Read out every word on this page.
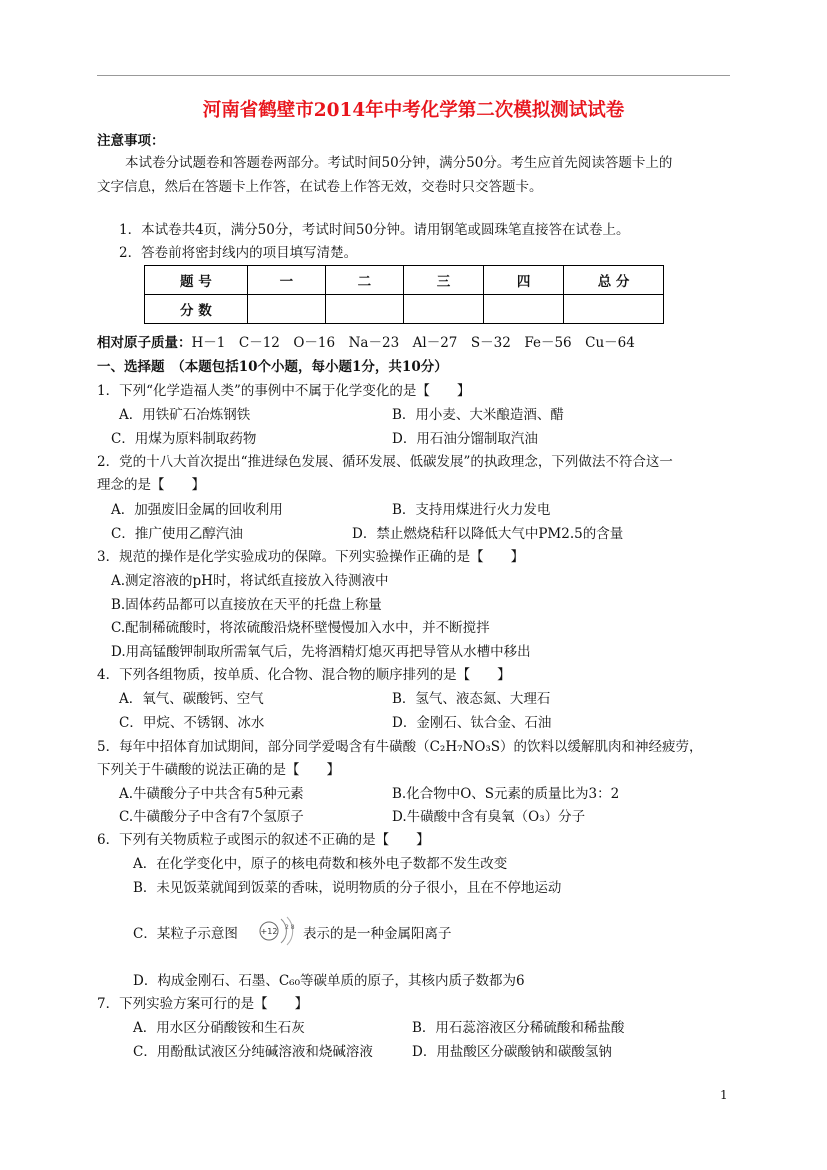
河南省鹤壁市2014年中考化学第二次模拟测试试卷
注意事项：
本试卷分试题卷和答题卷两部分。考试时间50分钟，满分50分。考生应首先阅读答题卡上的
文字信息，然后在答题卡上作答，在试卷上作答无效，交卷时只交答题卡。
1．本试卷共4页，满分50分，考试时间50分钟。请用钢笔或圆珠笔直接答在试卷上。
2．答卷前将密封线内的项目填写清楚。
题 号	一	二	三	四	总 分
分 数					
相对原子质量：H－1　C－12　O－16　Na－23　Al－27　S－32　Fe－56　Cu－64
一、选择题　（本题包括10个小题，每小题1分，共10分）
1．下列“化学造福人类”的事例中不属于化学变化的是【　　】
A．用铁矿石冶炼钢铁	B．用小麦、大米酿造酒、醋
C．用煤为原料制取药物	D．用石油分馏制取汽油
2．党的十八大首次提出“推进绿色发展、循环发展、低碳发展”的执政理念，下列做法不符合这一
理念的是【　　】
A．加强废旧金属的回收利用	B．支持用煤进行火力发电
C．推广使用乙醇汽油	D．禁止燃烧秸秆以降低大气中PM2.5的含量
3．规范的操作是化学实验成功的保障。下列实验操作正确的是【　　】
A.测定溶液的pH时，将试纸直接放入待测液中
B.固体药品都可以直接放在天平的托盘上称量
C.配制稀硫酸时，将浓硫酸沿烧杯壁慢慢加入水中，并不断搅拌
D.用高锰酸钾制取所需氧气后，先将酒精灯熄灭再把导管从水槽中移出
4．下列各组物质，按单质、化合物、混合物的顺序排列的是【　　】
A．氧气、碳酸钙、空气	B．氢气、液态氮、大理石
C．甲烷、不锈钢、冰水	D．金刚石、钛合金、石油
5．每年中招体育加试期间，部分同学爱喝含有牛磺酸（C₂H₇NO₃S）的饮料以缓解肌肉和神经疲劳，
下列关于牛磺酸的说法正确的是【　　】
A.牛磺酸分子中共含有5种元素	B.化合物中O、S元素的质量比为3：2
C.牛磺酸分子中含有7个氢原子	D.牛磺酸中含有臭氧（O₃）分子
6．下列有关物质粒子或图示的叙述不正确的是【　　】
A．在化学变化中，原子的核电荷数和核外电子数都不发生改变
B．未见饭菜就闻到饭菜的香味，说明物质的分子很小，且在不停地运动
C．某粒子示意图	+12 2 8 表示的是一种金属阳离子
D．构成金刚石、石墨、C₆₀等碳单质的原子，其核内质子数都为6
7．下列实验方案可行的是【　　】
A．用水区分硝酸铵和生石灰	B．用石蕊溶液区分稀硫酸和稀盐酸
C．用酚酞试液区分纯碱溶液和烧碱溶液	D．用盐酸区分碳酸钠和碳酸氢钠
1
